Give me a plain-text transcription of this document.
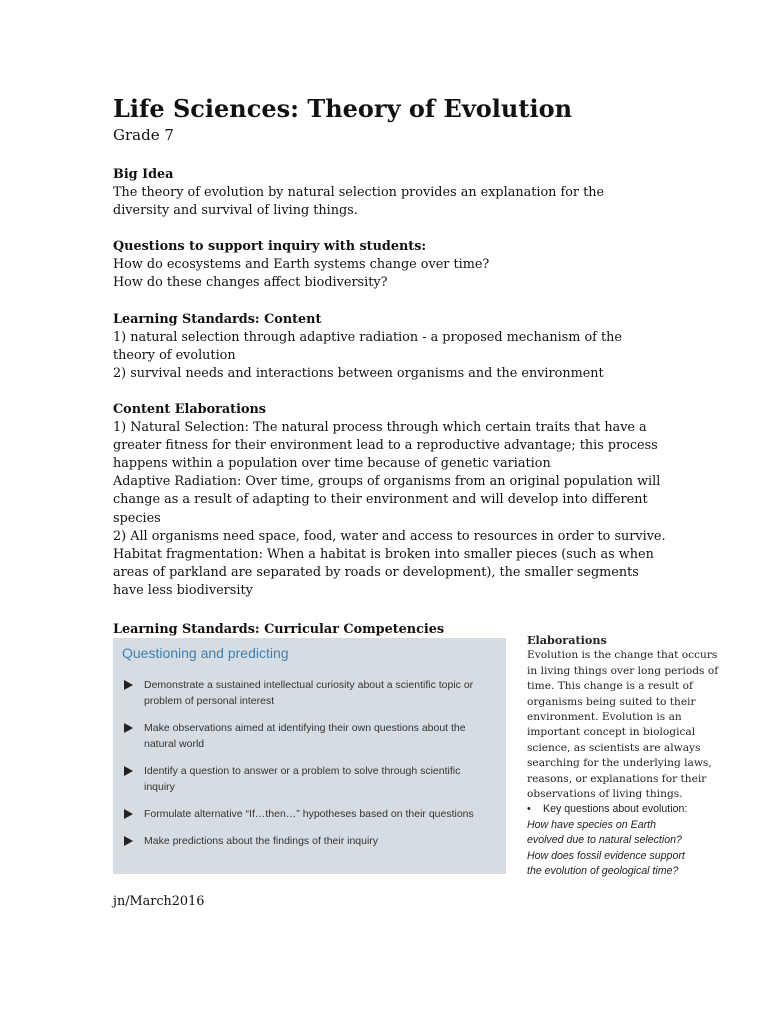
Life Sciences: Theory of Evolution
Grade 7
Big Idea

The theory of evolution by natural selection provides an explanation for the
diversity and survival of living things.

Questions to support inquiry with students:

How do ecosystems and Earth systems change over time?
How do these changes affect biodiversity?

Learning Standards: Content

1) natural selection through adaptive radiation - a proposed mechanism of the
theory of evolution
2) survival needs and interactions between organisms and the environment

Content Elaborations

1) Natural Selection: The natural process through which certain traits that have a
greater fitness for their environment lead to a reproductive advantage; this process
happens within a population over time because of genetic variation
Adaptive Radiation: Over time, groups of organisms from an original population will
change as a result of adapting to their environment and will develop into different
species
2) All organisms need space, food, water and access to resources in order to survive.
Habitat fragmentation: When a habitat is broken into smaller pieces (such as when
areas of parkland are separated by roads or development), the smaller segments
have less biodiversity

Learning Standards: Curricular Competencies
Questioning and predicting
Demonstrate a sustained intellectual curiosity about a scientific topic or
problem of personal interest
Make observations aimed at identifying their own questions about the
natural world
Identify a question to answer or a problem to solve through scientific
inquiry
Formulate alternative “If…then…” hypotheses based on their questions
Make predictions about the findings of their inquiry

Elaborations

Evolution is the change that occurs
in living things over long periods of
time. This change is a result of
organisms being suited to their
environment. Evolution is an
important concept in biological
science, as scientists are always
searching for the underlying laws,
reasons, or explanations for their
observations of living things.

• Key questions about evolution:

How have species on Earth
evolved due to natural selection?
How does fossil evidence support
the evolution of geological time?

jn/March2016
